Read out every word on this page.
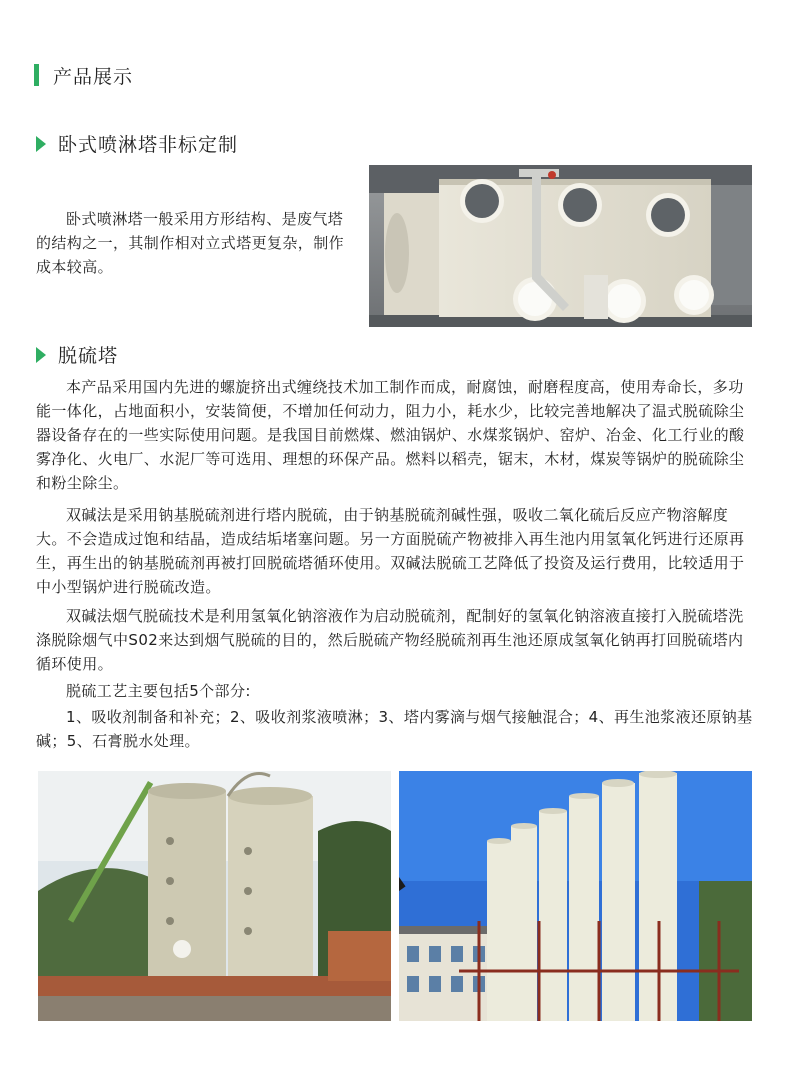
产品展示
卧式喷淋塔非标定制

卧式喷淋塔一般采用方形结构、是废气塔的结构之一，其制作相对立式塔更复杂，制作成本较高。

脱硫塔

本产品采用国内先进的螺旋挤出式缠绕技术加工制作而成，耐腐蚀，耐磨程度高，使用寿命长，多功能一体化，占地面积小，安装简便，不增加任何动力，阻力小，耗水少，比较完善地解决了温式脱硫除尘器设备存在的一些实际使用问题。是我国目前燃煤、燃油锅炉、水煤浆锅炉、窑炉、冶金、化工行业的酸雾净化、火电厂、水泥厂等可选用、理想的环保产品。燃料以稻壳，锯末，木材，煤炭等锅炉的脱硫除尘和粉尘除尘。

双碱法是采用钠基脱硫剂进行塔内脱硫，由于钠基脱硫剂碱性强，吸收二氧化硫后反应产物溶解度大。不会造成过饱和结晶，造成结垢堵塞问题。另一方面脱硫产物被排入再生池内用氢氧化钙进行还原再生，再生出的钠基脱硫剂再被打回脱硫塔循环使用。双碱法脱硫工艺降低了投资及运行费用，比较适用于中小型锅炉进行脱硫改造。

双碱法烟气脱硫技术是利用氢氧化钠溶液作为启动脱硫剂，配制好的氢氧化钠溶液直接打入脱硫塔洗涤脱除烟气中S02来达到烟气脱硫的目的，然后脱硫产物经脱硫剂再生池还原成氢氧化钠再打回脱硫塔内循环使用。

脱硫工艺主要包括5个部分:

1、吸收剂制备和补充；2、吸收剂浆液喷淋；3、塔内雾滴与烟气接触混合；4、再生池浆液还原钠基碱；5、石膏脱水处理。
